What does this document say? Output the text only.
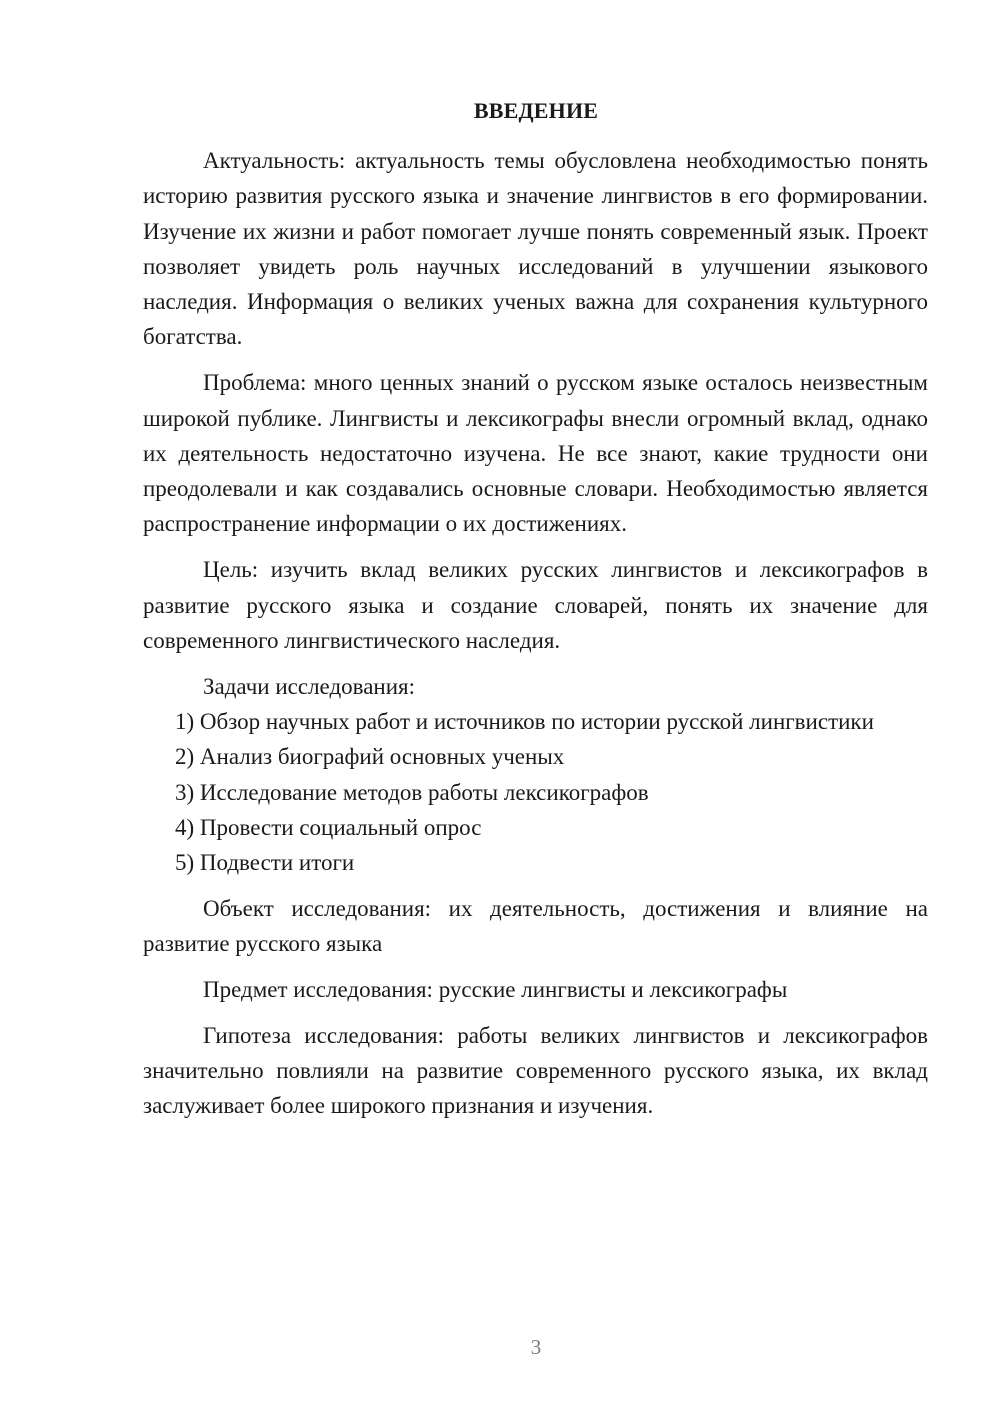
ВВЕДЕНИЕ

Актуальность: актуальность темы обусловлена необходимостью понять историю развития русского языка и значение лингвистов в его формировании. Изучение их жизни и работ помогает лучше понять современный язык. Проект позволяет увидеть роль научных исследований в улучшении языкового наследия. Информация о великих ученых важна для сохранения культурного богатства.

Проблема: много ценных знаний о русском языке осталось неизвестным широкой публике. Лингвисты и лексикографы внесли огромный вклад, однако их деятельность недостаточно изучена. Не все знают, какие трудности они преодолевали и как создавались основные словари. Необходимостью является распространение информации о их достижениях.

Цель: изучить вклад великих русских лингвистов и лексикографов в развитие русского языка и создание словарей, понять их значение для современного лингвистического наследия.

Задачи исследования:

1) Обзор научных работ и источников по истории русской лингвистики

2) Анализ биографий основных ученых

3) Исследование методов работы лексикографов

4) Провести социальный опрос

5) Подвести итоги

Объект исследования: их деятельность, достижения и влияние на развитие русского языка

Предмет исследования: русские лингвисты и лексикографы

Гипотеза исследования: работы великих лингвистов и лексикографов значительно повлияли на развитие современного русского языка, их вклад заслуживает более широкого признания и изучения.

3
